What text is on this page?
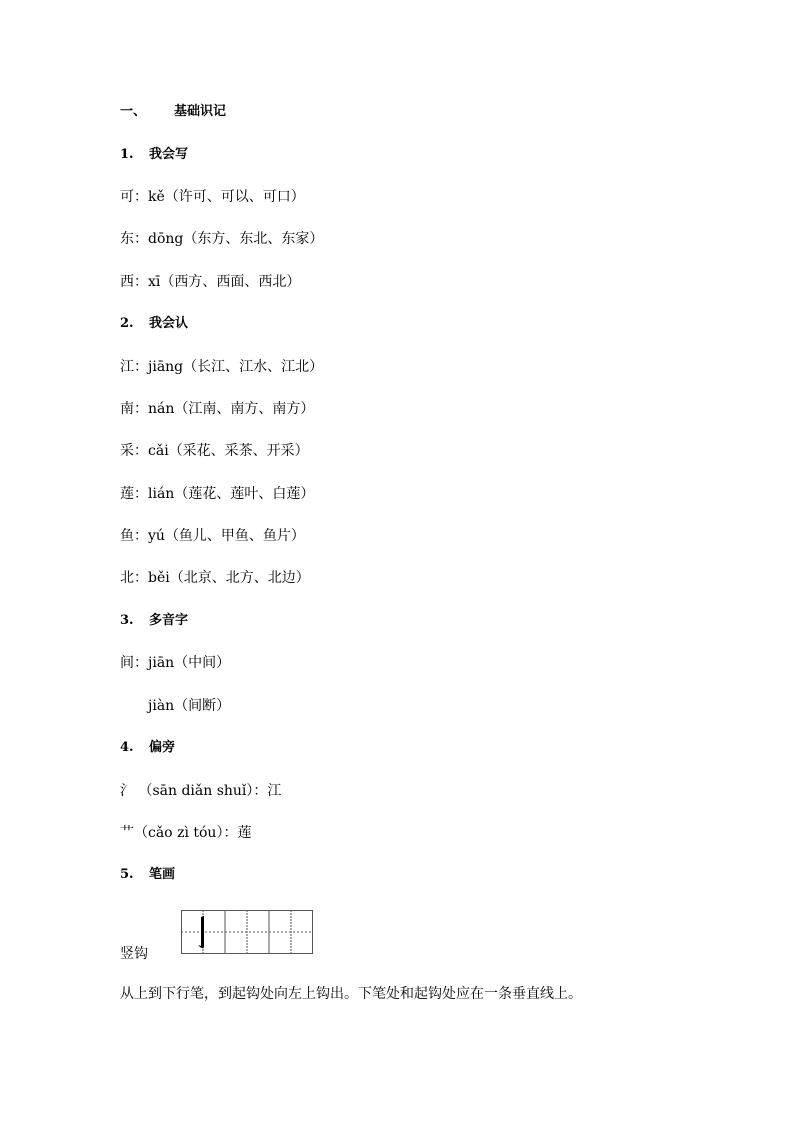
一、 基础识记
1. 我会写
可：kě（许可、可以、可口）
东：dōng（东方、东北、东家）
西：xī（西方、西面、西北）
2. 我会认
江：jiāng（长江、江水、江北）
南：nán（江南、南方、南方）
采：cǎi（采花、采茶、开采）
莲：lián（莲花、莲叶、白莲）
鱼：yú（鱼儿、甲鱼、鱼片）
北：běi（北京、北方、北边）
3. 多音字
间：jiān（中间）
jiàn（间断）
4. 偏旁
氵 （sān diǎn shuǐ）：江
艹（cǎo zì tóu）：莲
5. 笔画
竖钩
从上到下行笔，到起钩处向左上钩出。下笔处和起钩处应在一条垂直线上。
